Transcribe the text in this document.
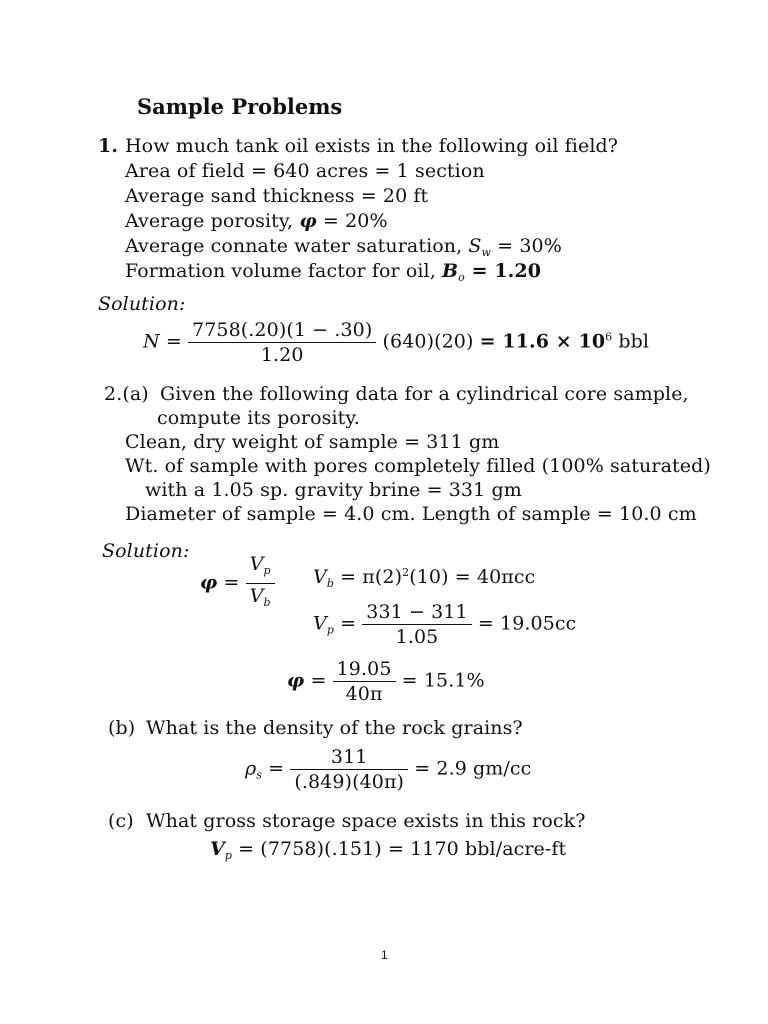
Sample Problems
1. How much tank oil exists in the following oil field?
Area of field = 640 acres = 1 section
Average sand thickness = 20 ft
Average porosity, φ = 20%
Average connate water saturation, $S_w = 30\%$
Formation volume factor for oil, $B_o = 1.20$
Solution:
$N = \frac{7758(.20)(1 - .30)}{1.20} (640)(20) = 11.6 \times 10^6$ bbl
2.(a) Given the following data for a cylindrical core sample,
compute its porosity.
Clean, dry weight of sample = 311 gm
Wt. of sample with pores completely filled (100% saturated)
with a 1.05 sp. gravity brine = 331 gm
Diameter of sample = 4.0 cm. Length of sample = 10.0 cm
Solution:
$\varphi = \frac{V_p}{V_b} V_b = \pi(2)^2(10) = 40\pi cc$
$V_p = \frac{331 - 311}{1.05} = 19.05cc$
$\varphi = \frac{19.05}{40\pi} = 15.1\%$
(b) What is the density of the rock grains?
$\rho_s = \frac{311}{(.849)(40\pi)} = 2.9$ gm/cc
(c) What gross storage space exists in this rock?
$V_p = (7758)(.151) = 1170$ bbl/acre-ft
1
